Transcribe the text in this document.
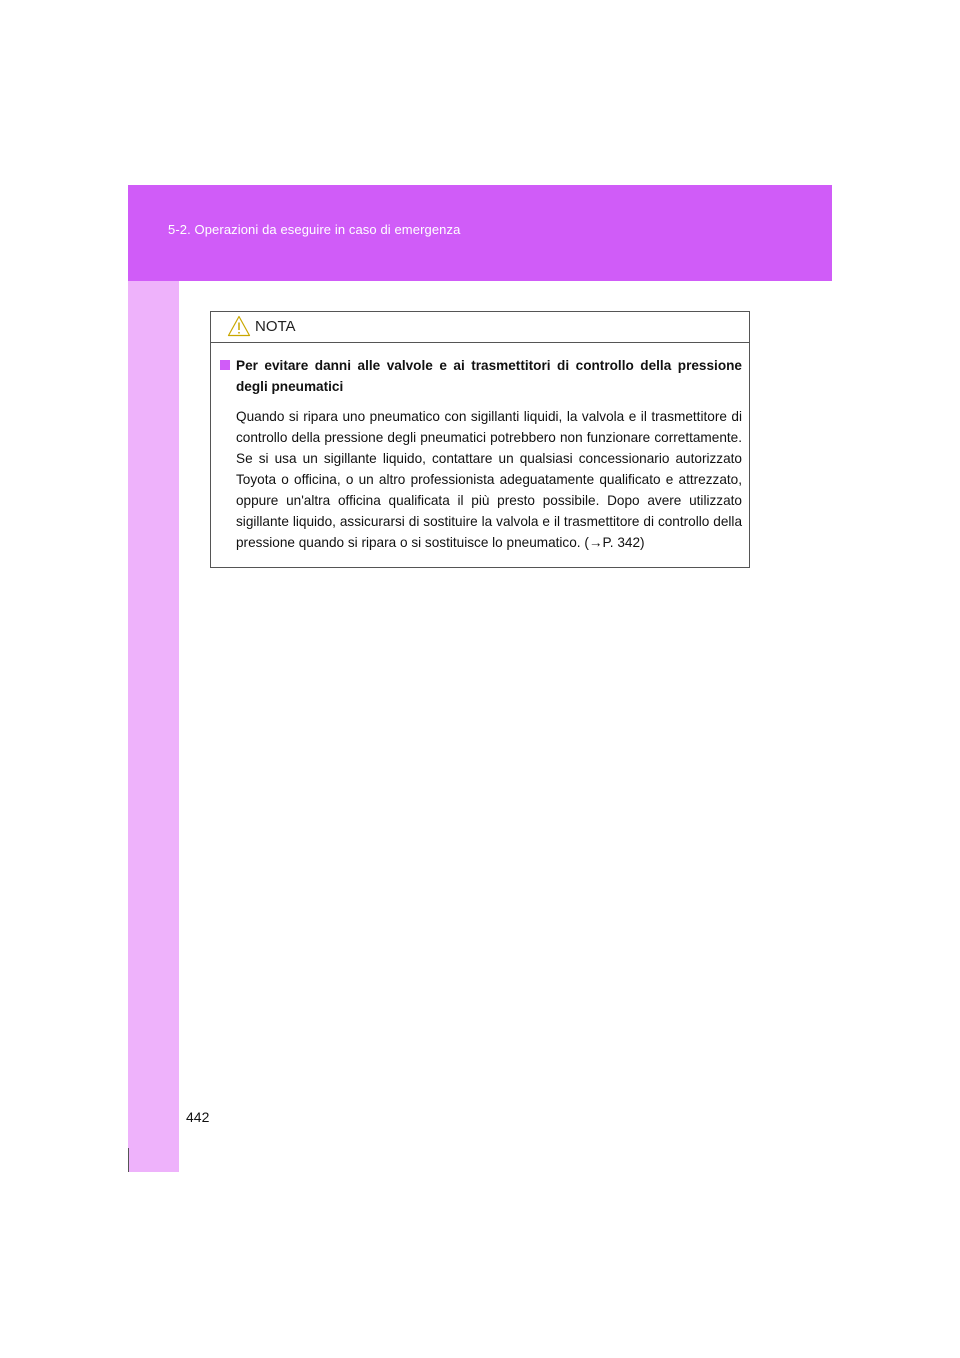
5-2. Operazioni da eseguire in caso di emergenza
NOTA

Per evitare danni alle valvole e ai trasmettitori di controllo della pressione degli pneumatici

Quando si ripara uno pneumatico con sigillanti liquidi, la valvola e il trasmettitore di controllo della pressione degli pneumatici potrebbero non funzionare correttamente. Se si usa un sigillante liquido, contattare un qualsiasi concessionario autorizzato Toyota o officina, o un altro professionista adeguatamente qualificato e attrezzato, oppure un'altra officina qualificata il più presto possibile. Dopo avere utilizzato sigillante liquido, assicurarsi di sostituire la valvola e il trasmettitore di controllo della pressione quando si ripara o si sostituisce lo pneumatico. (→P. 342)

442
